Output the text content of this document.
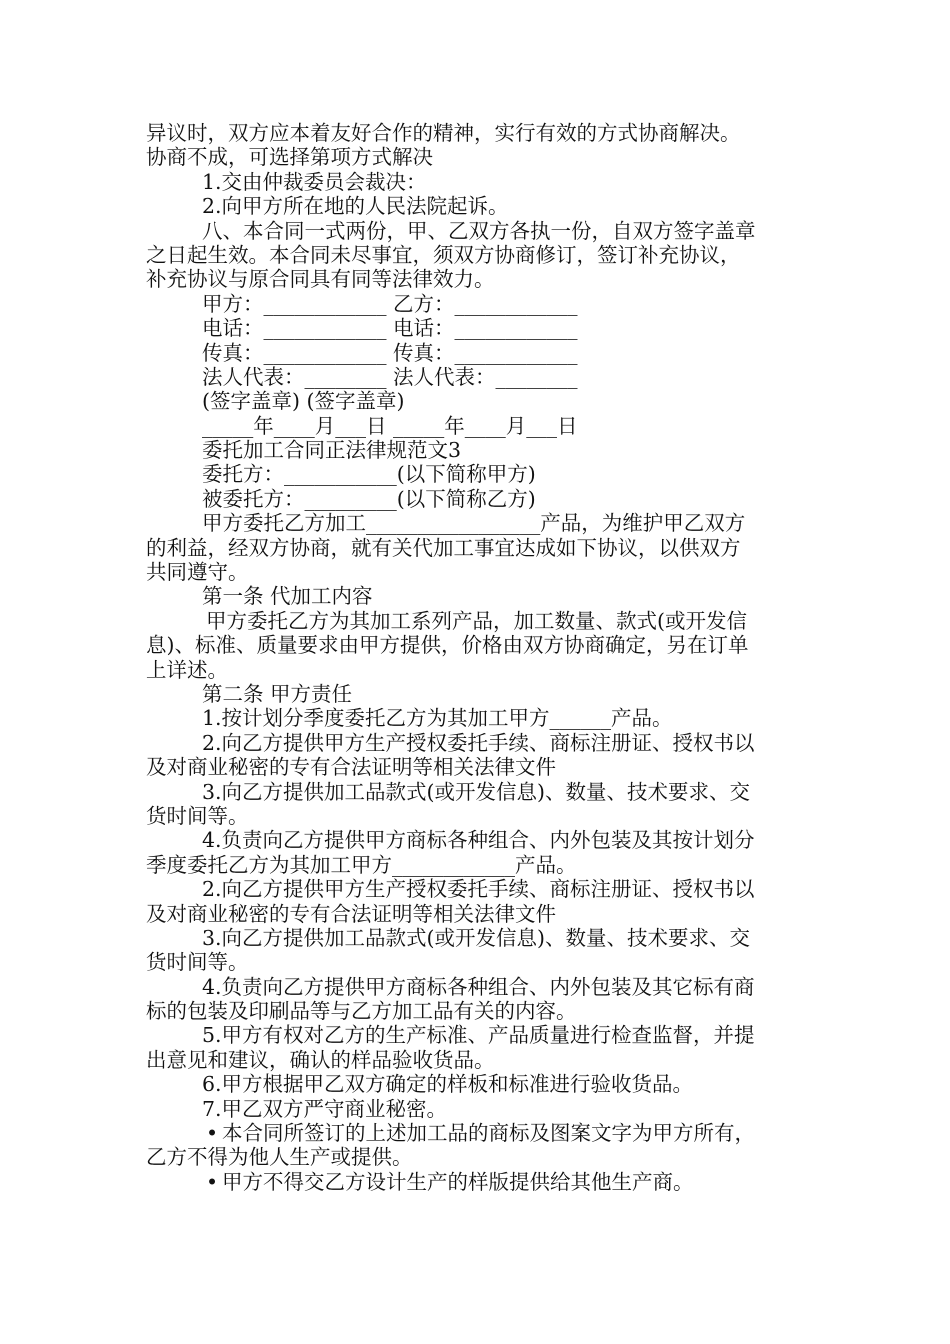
异议时，双方应本着友好合作的精神，实行有效的方式协商解决。
协商不成，可选择第项方式解决
1.交由仲裁委员会裁决：
2.向甲方所在地的人民法院起诉。
八、本合同一式两份，甲、乙双方各执一份，自双方签字盖章
之日起生效。本合同未尽事宜，须双方协商修订，签订补充协议，
补充协议与原合同具有同等法律效力。
甲方：____________ 乙方：____________
电话：____________ 电话：____________
传真：____________ 传真：____________
法人代表：________ 法人代表：________
(签字盖章) (签字盖章)
_____年____月___日 _____年____月___日
委托加工合同正法律规范文3
委托方：___________(以下简称甲方)
被委托方：_________(以下简称乙方)
甲方委托乙方加工_________________产品，为维护甲乙双方
的利益，经双方协商，就有关代加工事宜达成如下协议，以供双方
共同遵守。
第一条 代加工内容
甲方委托乙方为其加工系列产品，加工数量、款式(或开发信
息)、标准、质量要求由甲方提供，价格由双方协商确定，另在订单
上详述。
第二条 甲方责任
1.按计划分季度委托乙方为其加工甲方______产品。
2.向乙方提供甲方生产授权委托手续、商标注册证、授权书以
及对商业秘密的专有合法证明等相关法律文件
3.向乙方提供加工品款式(或开发信息)、数量、技术要求、交
货时间等。
4.负责向乙方提供甲方商标各种组合、内外包装及其按计划分
季度委托乙方为其加工甲方____________产品。
2.向乙方提供甲方生产授权委托手续、商标注册证、授权书以
及对商业秘密的专有合法证明等相关法律文件
3.向乙方提供加工品款式(或开发信息)、数量、技术要求、交
货时间等。
4.负责向乙方提供甲方商标各种组合、内外包装及其它标有商
标的包装及印刷品等与乙方加工品有关的内容。
5.甲方有权对乙方的生产标准、产品质量进行检查监督，并提
出意见和建议，确认的样品验收货品。
6.甲方根据甲乙双方确定的样板和标准进行验收货品。
7.甲乙双方严守商业秘密。
• 本合同所签订的上述加工品的商标及图案文字为甲方所有，
乙方不得为他人生产或提供。
• 甲方不得交乙方设计生产的样版提供给其他生产商。
